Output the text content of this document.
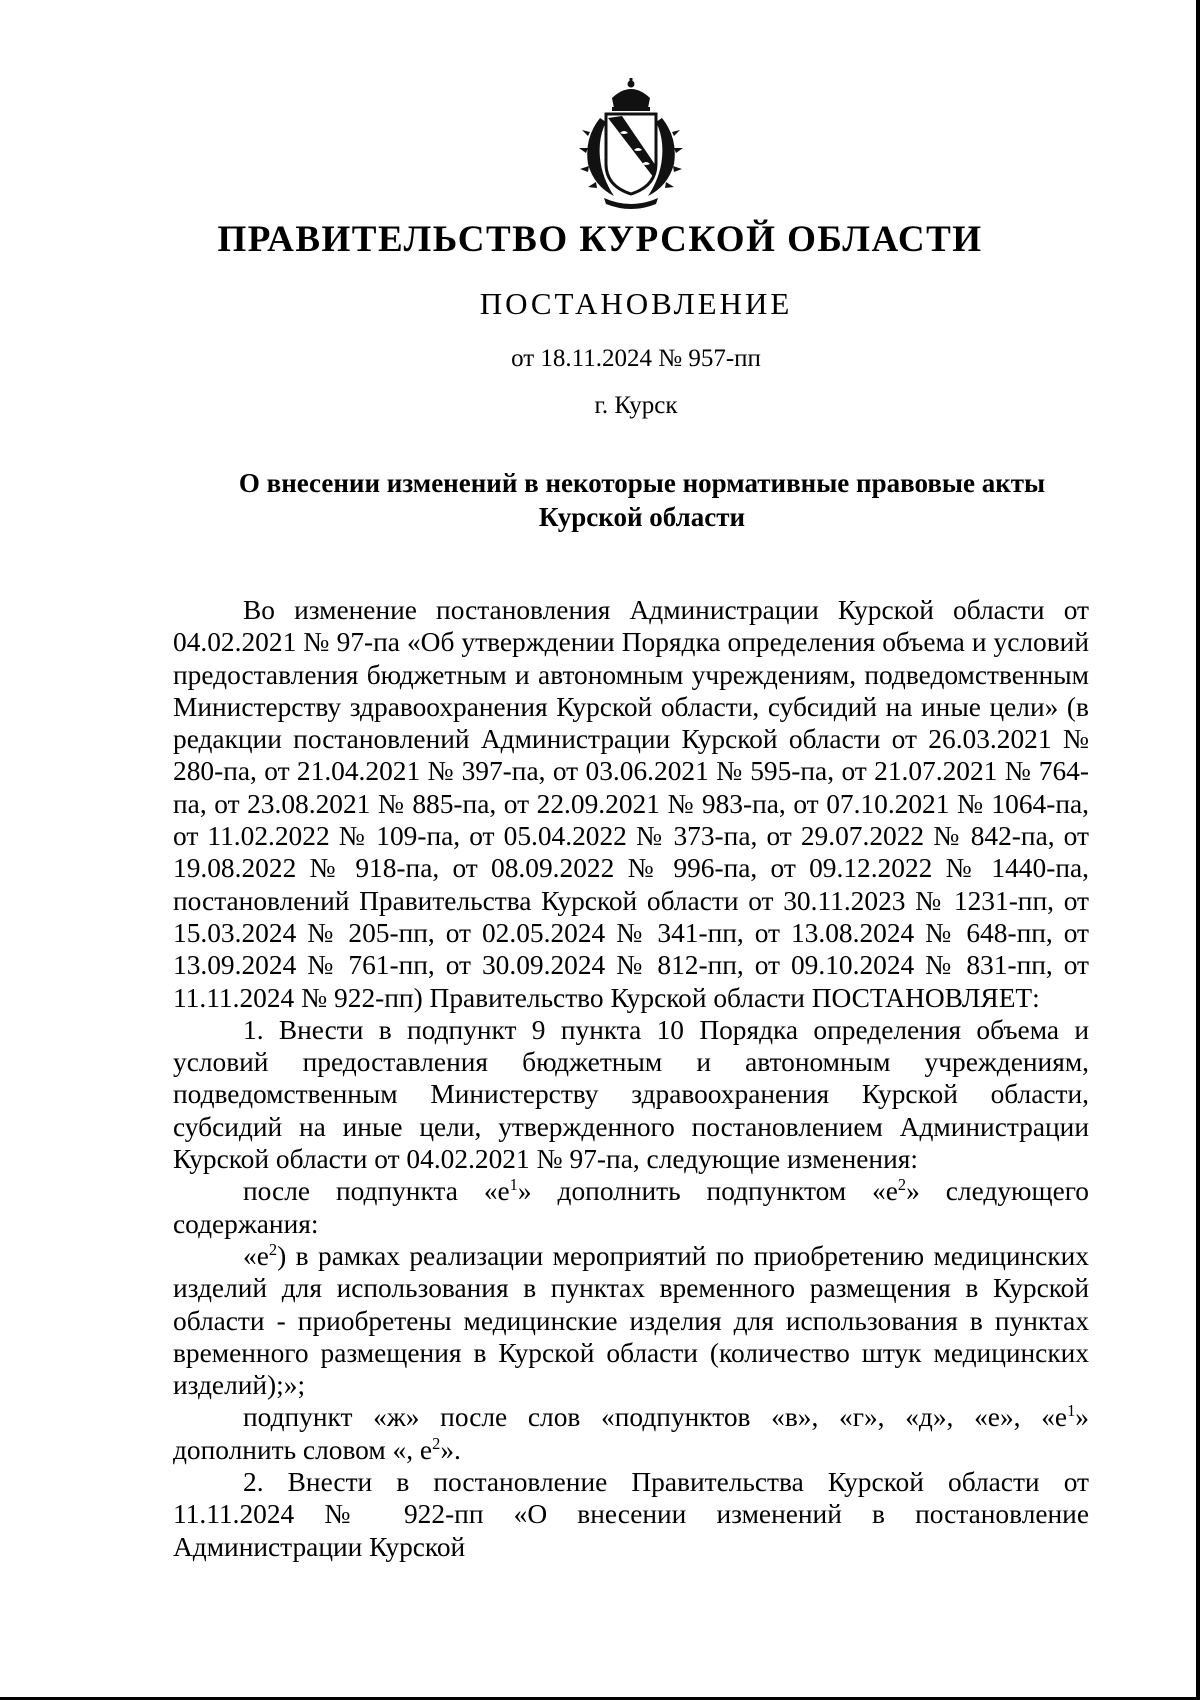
ПРАВИТЕЛЬСТВО КУРСКОЙ ОБЛАСТИ
ПОСТАНОВЛЕНИЕ
от 18.11.2024 № 957-пп
г. Курск
О внесении изменений в некоторые нормативные правовые акты
Курской области

Во изменение постановления Администрации Курской области от 04.02.2021 № 97-па «Об утверждении Порядка определения объема и условий предоставления бюджетным и автономным учреждениям, подведомственным Министерству здравоохранения Курской области, субсидий на иные цели» (в редакции постановлений Администрации Курской области от 26.03.2021 № 280-па, от 21.04.2021 № 397-па, от 03.06.2021 № 595-па, от 21.07.2021 № 764-па, от 23.08.2021 № 885-па, от 22.09.2021 № 983-па, от 07.10.2021 № 1064-па, от 11.02.2022 № 109-па, от 05.04.2022 № 373-па, от 29.07.2022 № 842-па, от 19.08.2022 № 918-па, от 08.09.2022 № 996-па, от 09.12.2022 № 1440-па, постановлений Правительства Курской области от 30.11.2023 № 1231-пп, от 15.03.2024 № 205-пп, от 02.05.2024 № 341-пп, от 13.08.2024 № 648-пп, от 13.09.2024 № 761-пп, от 30.09.2024 № 812-пп, от 09.10.2024 № 831-пп, от 11.11.2024 № 922-пп) Правительство Курской области ПОСТАНОВЛЯЕТ:

1. Внести в подпункт 9 пункта 10 Порядка определения объема и условий предоставления бюджетным и автономным учреждениям, подведомственным Министерству здравоохранения Курской области, субсидий на иные цели, утвержденного постановлением Администрации Курской области от 04.02.2021 № 97-па, следующие изменения:

после подпункта «$е^1$» дополнить подпунктом «$е^2$» следующего содержания:

«$е^2$) в рамках реализации мероприятий по приобретению медицинских изделий для использования в пунктах временного размещения в Курской области - приобретены медицинские изделия для использования в пунктах временного размещения в Курской области (количество штук медицинских изделий);»;

подпункт «ж» после слов «подпунктов «в», «г», «д», «е», «$е^1$» дополнить словом «, $е^2$».

2. Внести в постановление Правительства Курской области от 11.11.2024 № 922-пп «О внесении изменений в постановление Администрации Курской
